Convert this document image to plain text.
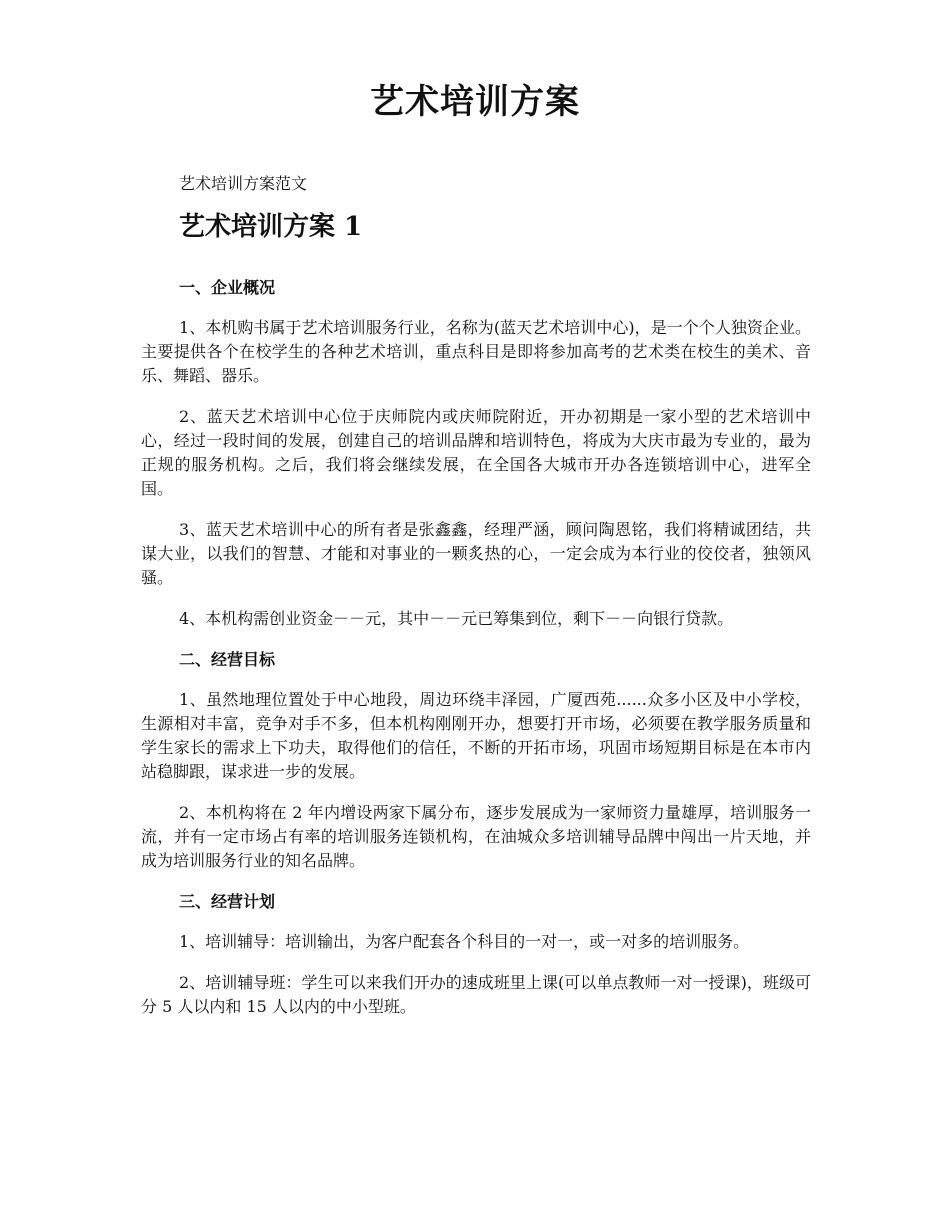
艺术培训方案
艺术培训方案范文
艺术培训方案 1

一、企业概况

1、本机购书属于艺术培训服务行业，名称为(蓝天艺术培训中心)，是一个个人独资企业。主要提供各个在校学生的各种艺术培训，重点科目是即将参加高考的艺术类在校生的美术、音乐、舞蹈、器乐。

2、蓝天艺术培训中心位于庆师院内或庆师院附近，开办初期是一家小型的艺术培训中心，经过一段时间的发展，创建自己的培训品牌和培训特色，将成为大庆市最为专业的，最为正规的服务机构。之后，我们将会继续发展，在全国各大城市开办各连锁培训中心，进军全国。

3、蓝天艺术培训中心的所有者是张鑫鑫，经理严涵，顾问陶恩铭，我们将精诚团结，共谋大业，以我们的智慧、才能和对事业的一颗炙热的心，一定会成为本行业的佼佼者，独领风骚。

4、本机构需创业资金－－元，其中－－元已筹集到位，剩下－－向银行贷款。

二、经营目标

1、虽然地理位置处于中心地段，周边环绕丰泽园，广厦西苑......众多小区及中小学校，生源相对丰富，竞争对手不多，但本机构刚刚开办，想要打开市场，必须要在教学服务质量和学生家长的需求上下功夫，取得他们的信任，不断的开拓市场，巩固市场短期目标是在本市内站稳脚跟，谋求进一步的发展。

2、本机构将在 2 年内增设两家下属分布，逐步发展成为一家师资力量雄厚，培训服务一流，并有一定市场占有率的培训服务连锁机构，在油城众多培训辅导品牌中闯出一片天地，并成为培训服务行业的知名品牌。

三、经营计划

1、培训辅导：培训输出，为客户配套各个科目的一对一，或一对多的培训服务。

2、培训辅导班：学生可以来我们开办的速成班里上课(可以单点教师一对一授课)，班级可分 5 人以内和 15 人以内的中小型班。
